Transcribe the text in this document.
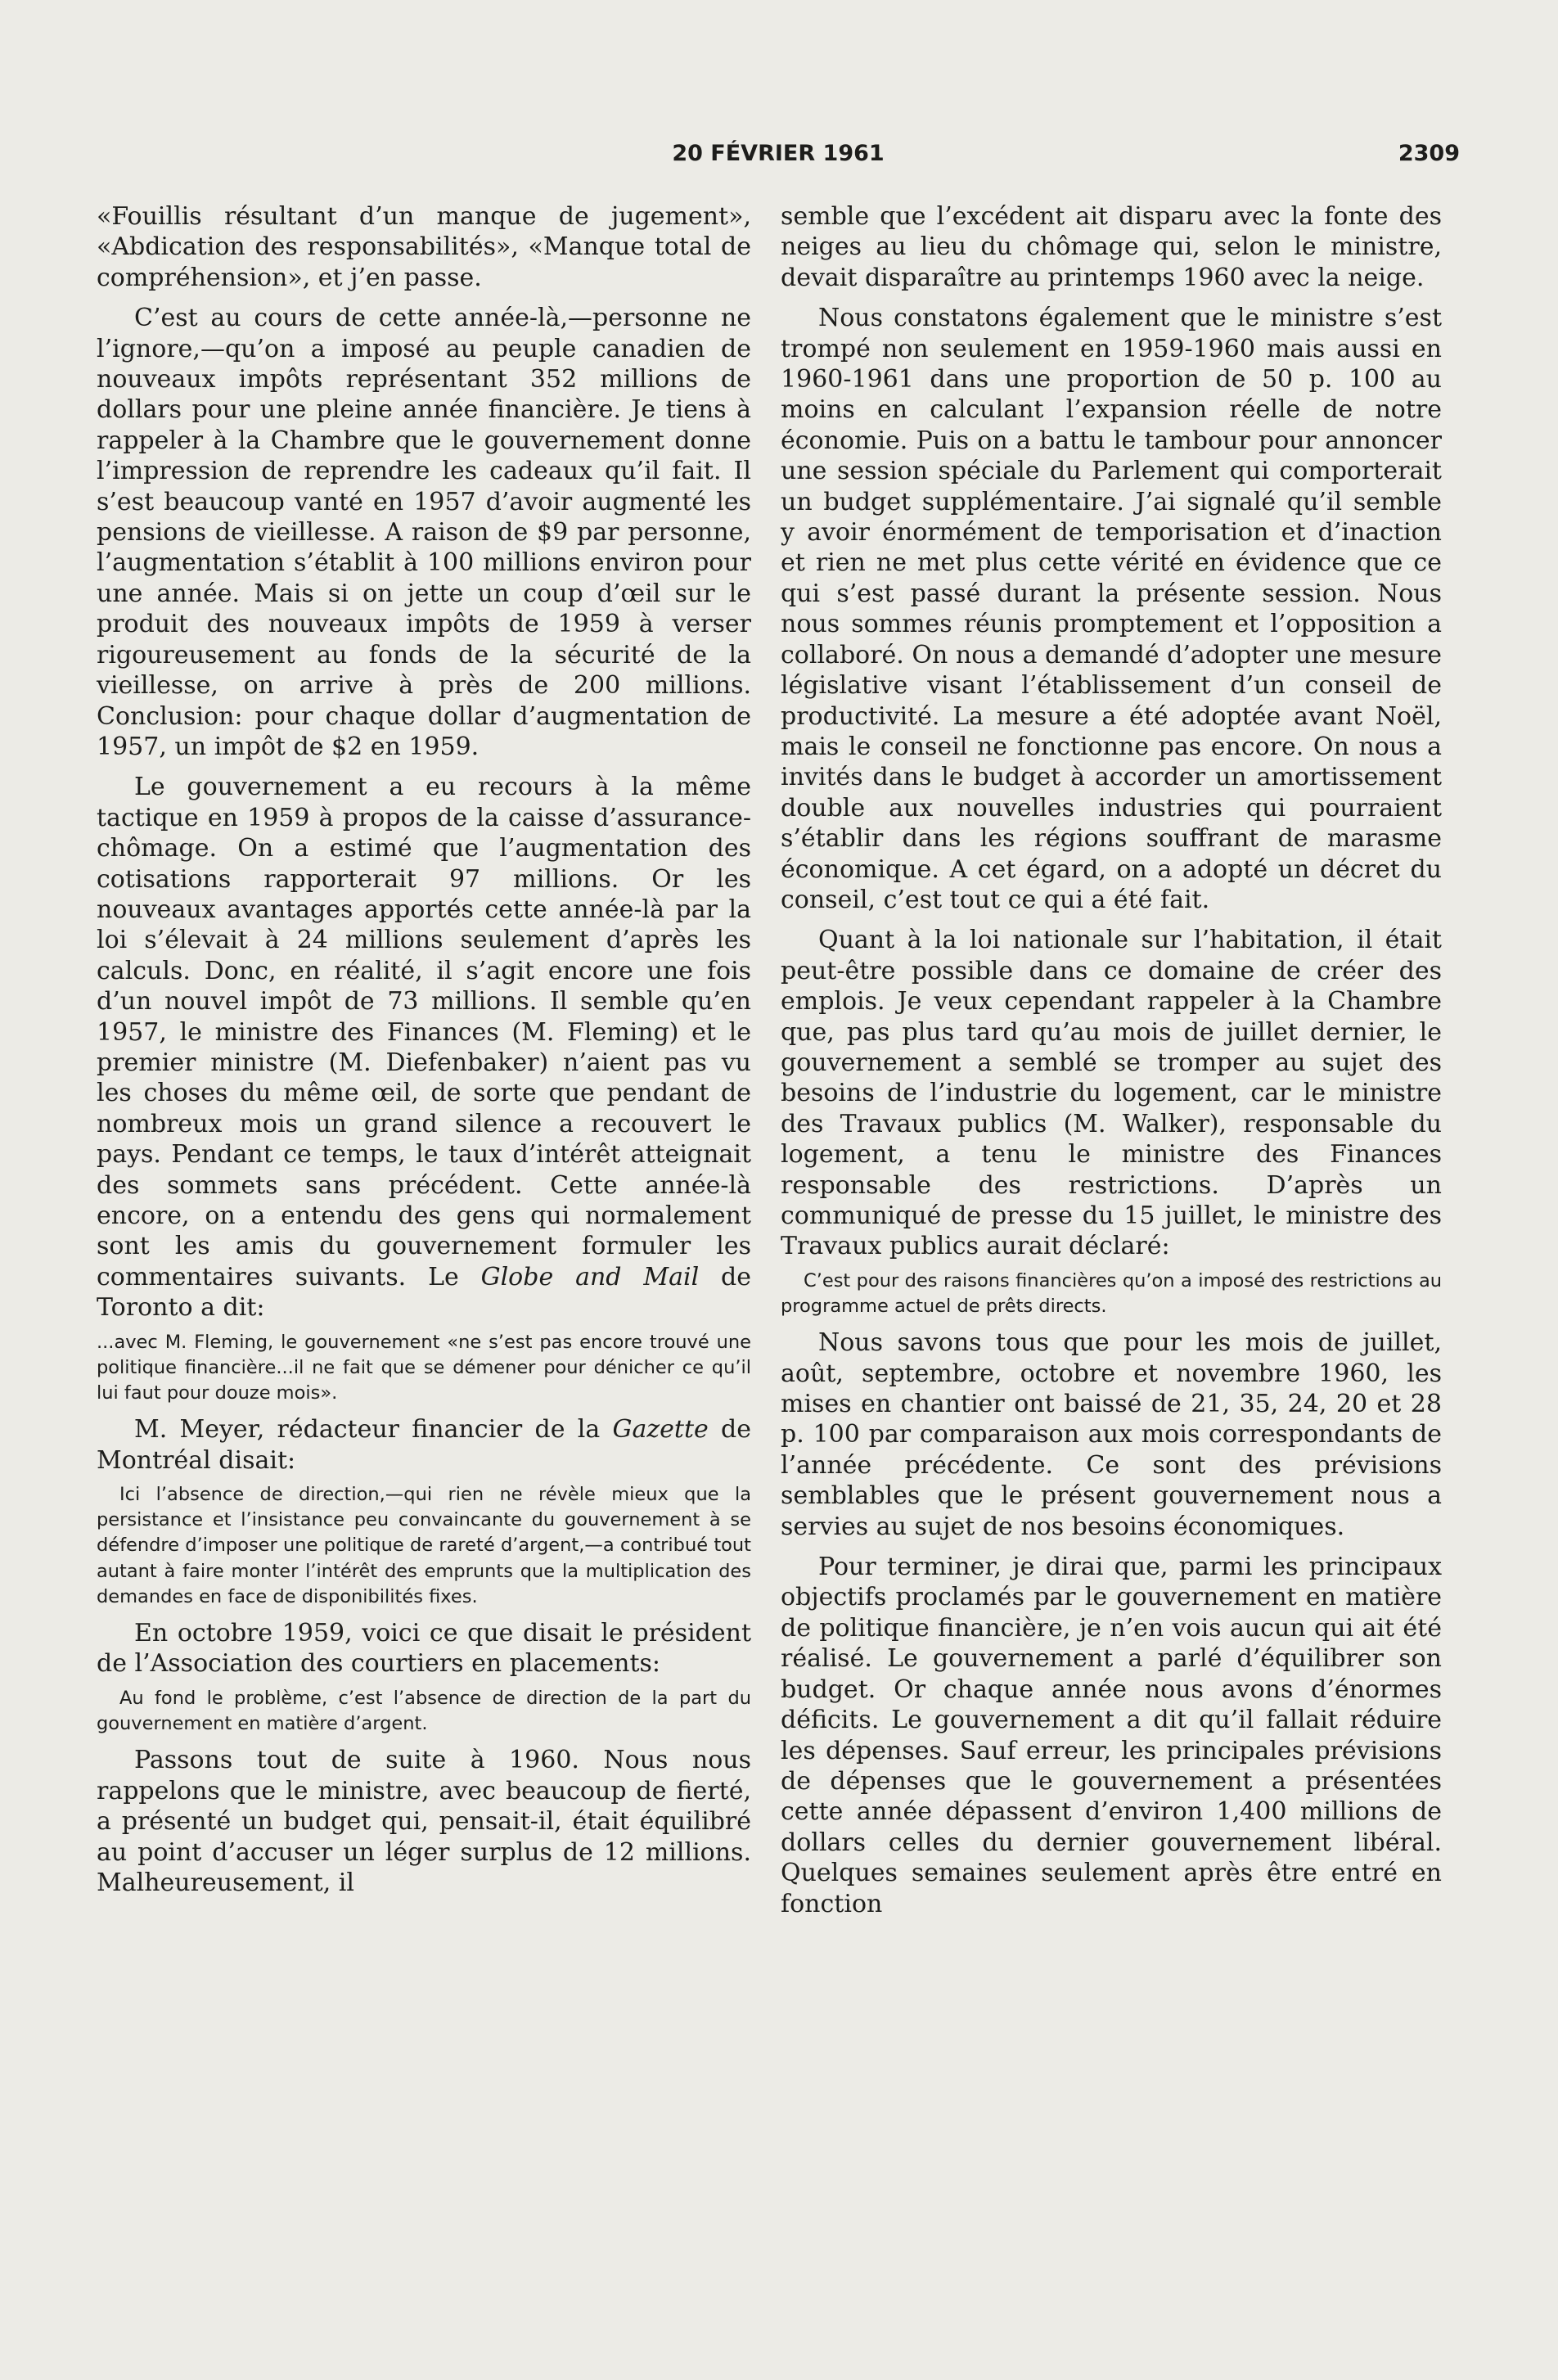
20 FÉVRIER 1961	2309

«Fouillis résultant d’un manque de jugement», «Abdication des responsabilités», «Manque total de compréhension», et j’en passe.

C’est au cours de cette année-là,—personne ne l’ignore,—qu’on a imposé au peuple canadien de nouveaux impôts représentant 352 millions de dollars pour une pleine année financière. Je tiens à rappeler à la Chambre que le gouvernement donne l’impression de reprendre les cadeaux qu’il fait. Il s’est beaucoup vanté en 1957 d’avoir augmenté les pensions de vieillesse. A raison de $9 par personne, l’augmentation s’établit à 100 millions environ pour une année. Mais si on jette un coup d’œil sur le produit des nouveaux impôts de 1959 à verser rigoureusement au fonds de la sécurité de la vieillesse, on arrive à près de 200 millions. Conclusion: pour chaque dollar d’augmentation de 1957, un impôt de $2 en 1959.

Le gouvernement a eu recours à la même tactique en 1959 à propos de la caisse d’assurance-chômage. On a estimé que l’augmentation des cotisations rapporterait 97 millions. Or les nouveaux avantages apportés cette année-là par la loi s’élevait à 24 millions seulement d’après les calculs. Donc, en réalité, il s’agit encore une fois d’un nouvel impôt de 73 millions. Il semble qu’en 1957, le ministre des Finances (M. Fleming) et le premier ministre (M. Diefenbaker) n’aient pas vu les choses du même œil, de sorte que pendant de nombreux mois un grand silence a recouvert le pays. Pendant ce temps, le taux d’intérêt atteignait des sommets sans précédent. Cette année-là encore, on a entendu des gens qui normalement sont les amis du gouvernement formuler les commentaires suivants. Le Globe and Mail de Toronto a dit:

...avec M. Fleming, le gouvernement «ne s’est pas encore trouvé une politique financière...il ne fait que se démener pour dénicher ce qu’il lui faut pour douze mois».

M. Meyer, rédacteur financier de la Gazette de Montréal disait:

Ici l’absence de direction,—qui rien ne révèle mieux que la persistance et l’insistance peu convaincante du gouvernement à se défendre d’imposer une politique de rareté d’argent,—a contribué tout autant à faire monter l’intérêt des emprunts que la multiplication des demandes en face de disponibilités fixes.

En octobre 1959, voici ce que disait le président de l’Association des courtiers en placements:

Au fond le problème, c’est l’absence de direction de la part du gouvernement en matière d’argent.

Passons tout de suite à 1960. Nous nous rappelons que le ministre, avec beaucoup de fierté, a présenté un budget qui, pensait-il, était équilibré au point d’accuser un léger surplus de 12 millions. Malheureusement, il

semble que l’excédent ait disparu avec la fonte des neiges au lieu du chômage qui, selon le ministre, devait disparaître au printemps 1960 avec la neige.

Nous constatons également que le ministre s’est trompé non seulement en 1959-1960 mais aussi en 1960-1961 dans une proportion de 50 p. 100 au moins en calculant l’expansion réelle de notre économie. Puis on a battu le tambour pour annoncer une session spéciale du Parlement qui comporterait un budget supplémentaire. J’ai signalé qu’il semble y avoir énormément de temporisation et d’inaction et rien ne met plus cette vérité en évidence que ce qui s’est passé durant la présente session. Nous nous sommes réunis promptement et l’opposition a collaboré. On nous a demandé d’adopter une mesure législative visant l’établissement d’un conseil de productivité. La mesure a été adoptée avant Noël, mais le conseil ne fonctionne pas encore. On nous a invités dans le budget à accorder un amortissement double aux nouvelles industries qui pourraient s’établir dans les régions souffrant de marasme économique. A cet égard, on a adopté un décret du conseil, c’est tout ce qui a été fait.

Quant à la loi nationale sur l’habitation, il était peut-être possible dans ce domaine de créer des emplois. Je veux cependant rappeler à la Chambre que, pas plus tard qu’au mois de juillet dernier, le gouvernement a semblé se tromper au sujet des besoins de l’industrie du logement, car le ministre des Travaux publics (M. Walker), responsable du logement, a tenu le ministre des Finances responsable des restrictions. D’après un communiqué de presse du 15 juillet, le ministre des Travaux publics aurait déclaré:

C’est pour des raisons financières qu’on a imposé des restrictions au programme actuel de prêts directs.

Nous savons tous que pour les mois de juillet, août, septembre, octobre et novembre 1960, les mises en chantier ont baissé de 21, 35, 24, 20 et 28 p. 100 par comparaison aux mois correspondants de l’année précédente. Ce sont des prévisions semblables que le présent gouvernement nous a servies au sujet de nos besoins économiques.

Pour terminer, je dirai que, parmi les principaux objectifs proclamés par le gouvernement en matière de politique financière, je n’en vois aucun qui ait été réalisé. Le gouvernement a parlé d’équilibrer son budget. Or chaque année nous avons d’énormes déficits. Le gouvernement a dit qu’il fallait réduire les dépenses. Sauf erreur, les principales prévisions de dépenses que le gouvernement a présentées cette année dépassent d’environ 1,400 millions de dollars celles du dernier gouvernement libéral. Quelques semaines seulement après être entré en fonction
